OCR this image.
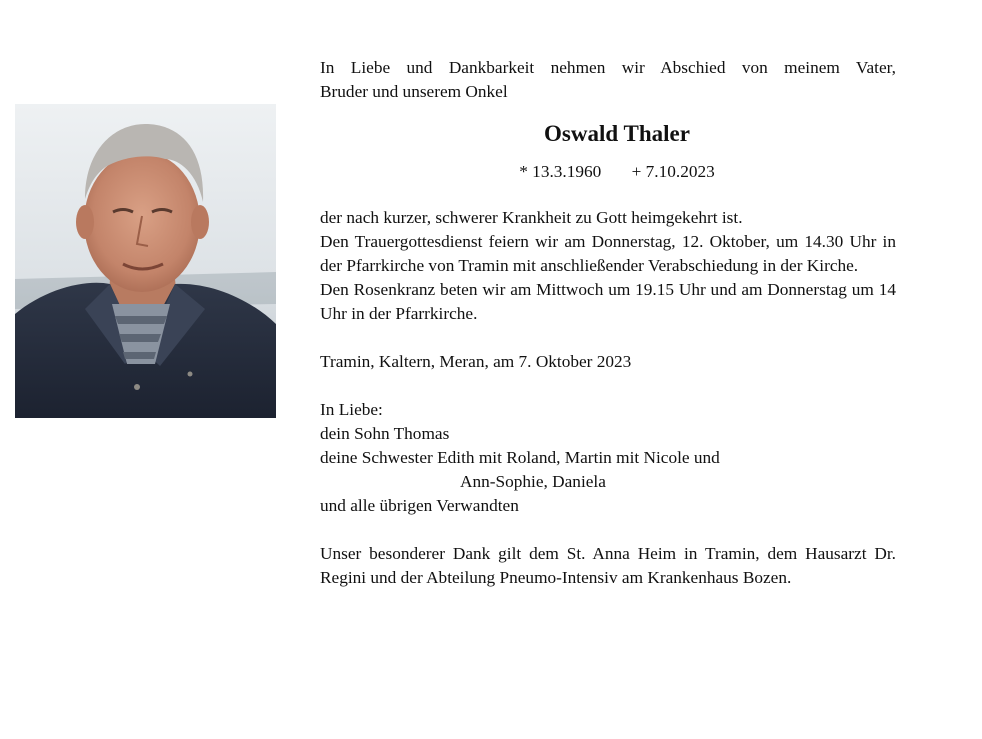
In Liebe und Dankbarkeit nehmen wir Abschied von meinem Vater,

Bruder und unserem Onkel

Oswald Thaler

* 13.3.1960 + 7.10.2023

der nach kurzer, schwerer Krankheit zu Gott heimgekehrt ist.

Den Trauergottesdienst feiern wir am Donnerstag, 12. Oktober, um 14.30 Uhr in der Pfarrkirche von Tramin mit anschließender Verabschiedung in der Kirche.

Den Rosenkranz beten wir am Mittwoch um 19.15 Uhr und am Donnerstag um 14 Uhr in der Pfarrkirche.

Tramin, Kaltern, Meran, am 7. Oktober 2023

In Liebe:

dein Sohn Thomas

deine Schwester Edith mit Roland, Martin mit Nicole und

Ann-Sophie, Daniela

und alle übrigen Verwandten

Unser besonderer Dank gilt dem St. Anna Heim in Tramin, dem Hausarzt Dr. Regini und der Abteilung Pneumo-Intensiv am Krankenhaus Bozen.
